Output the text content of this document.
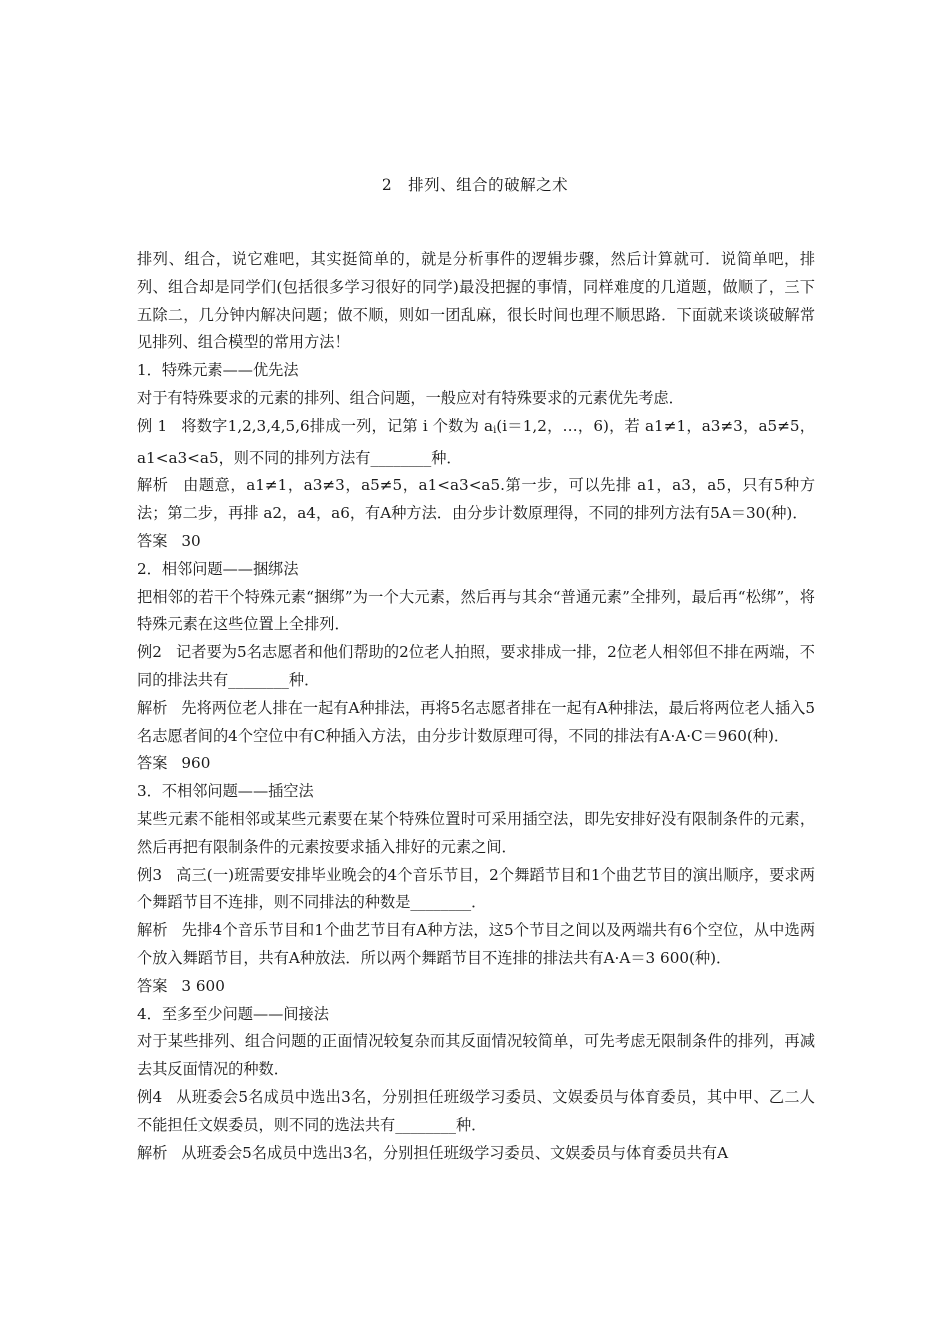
2　排列、组合的破解之术

排列、组合，说它难吧，其实挺简单的，就是分析事件的逻辑步骤，然后计算就可．说简单吧，排列、组合却是同学们(包括很多学习很好的同学)最没把握的事情，同样难度的几道题，做顺了，三下五除二，几分钟内解决问题；做不顺，则如一团乱麻，很长时间也理不顺思路．下面就来谈谈破解常见排列、组合模型的常用方法！

1．特殊元素——优先法

对于有特殊要求的元素的排列、组合问题，一般应对有特殊要求的元素优先考虑．

例 1 将数字1,2,3,4,5,6排成一列，记第 i 个数为 $a_i(i=1,2$，…，6)，若 a1≠1，a3≠3，a5≠5，a1<a3<a5，则不同的排列方法有________种．

解析 由题意，a1≠1，a3≠3，a5≠5，a1<a3<a5.第一步，可以先排 a1，a3，a5，只有5种方法；第二步，再排 a2，a4，a6，有A种方法．由分步计数原理得，不同的排列方法有5A＝30(种)．

答案 30

2．相邻问题——捆绑法

把相邻的若干个特殊元素“捆绑”为一个大元素，然后再与其余“普通元素”全排列，最后再“松绑”，将特殊元素在这些位置上全排列．

例2 记者要为5名志愿者和他们帮助的2位老人拍照，要求排成一排，2位老人相邻但不排在两端，不同的排法共有________种．

解析 先将两位老人排在一起有A种排法，再将5名志愿者排在一起有A种排法，最后将两位老人插入5名志愿者间的4个空位中有C种插入方法，由分步计数原理可得，不同的排法有A·A·C＝960(种)．

答案 960

3．不相邻问题——插空法

某些元素不能相邻或某些元素要在某个特殊位置时可采用插空法，即先安排好没有限制条件的元素，然后再把有限制条件的元素按要求插入排好的元素之间．

例3 高三(一)班需要安排毕业晚会的4个音乐节目，2个舞蹈节目和1个曲艺节目的演出顺序，要求两个舞蹈节目不连排，则不同排法的种数是________．

解析 先排4个音乐节目和1个曲艺节目有A种方法，这5个节目之间以及两端共有6个空位，从中选两个放入舞蹈节目，共有A种放法．所以两个舞蹈节目不连排的排法共有A·A＝3 600(种)．

答案 3 600

4．至多至少问题——间接法

对于某些排列、组合问题的正面情况较复杂而其反面情况较简单，可先考虑无限制条件的排列，再减去其反面情况的种数．

例4 从班委会5名成员中选出3名，分别担任班级学习委员、文娱委员与体育委员，其中甲、乙二人不能担任文娱委员，则不同的选法共有________种．

解析 从班委会5名成员中选出3名，分别担任班级学习委员、文娱委员与体育委员共有A
